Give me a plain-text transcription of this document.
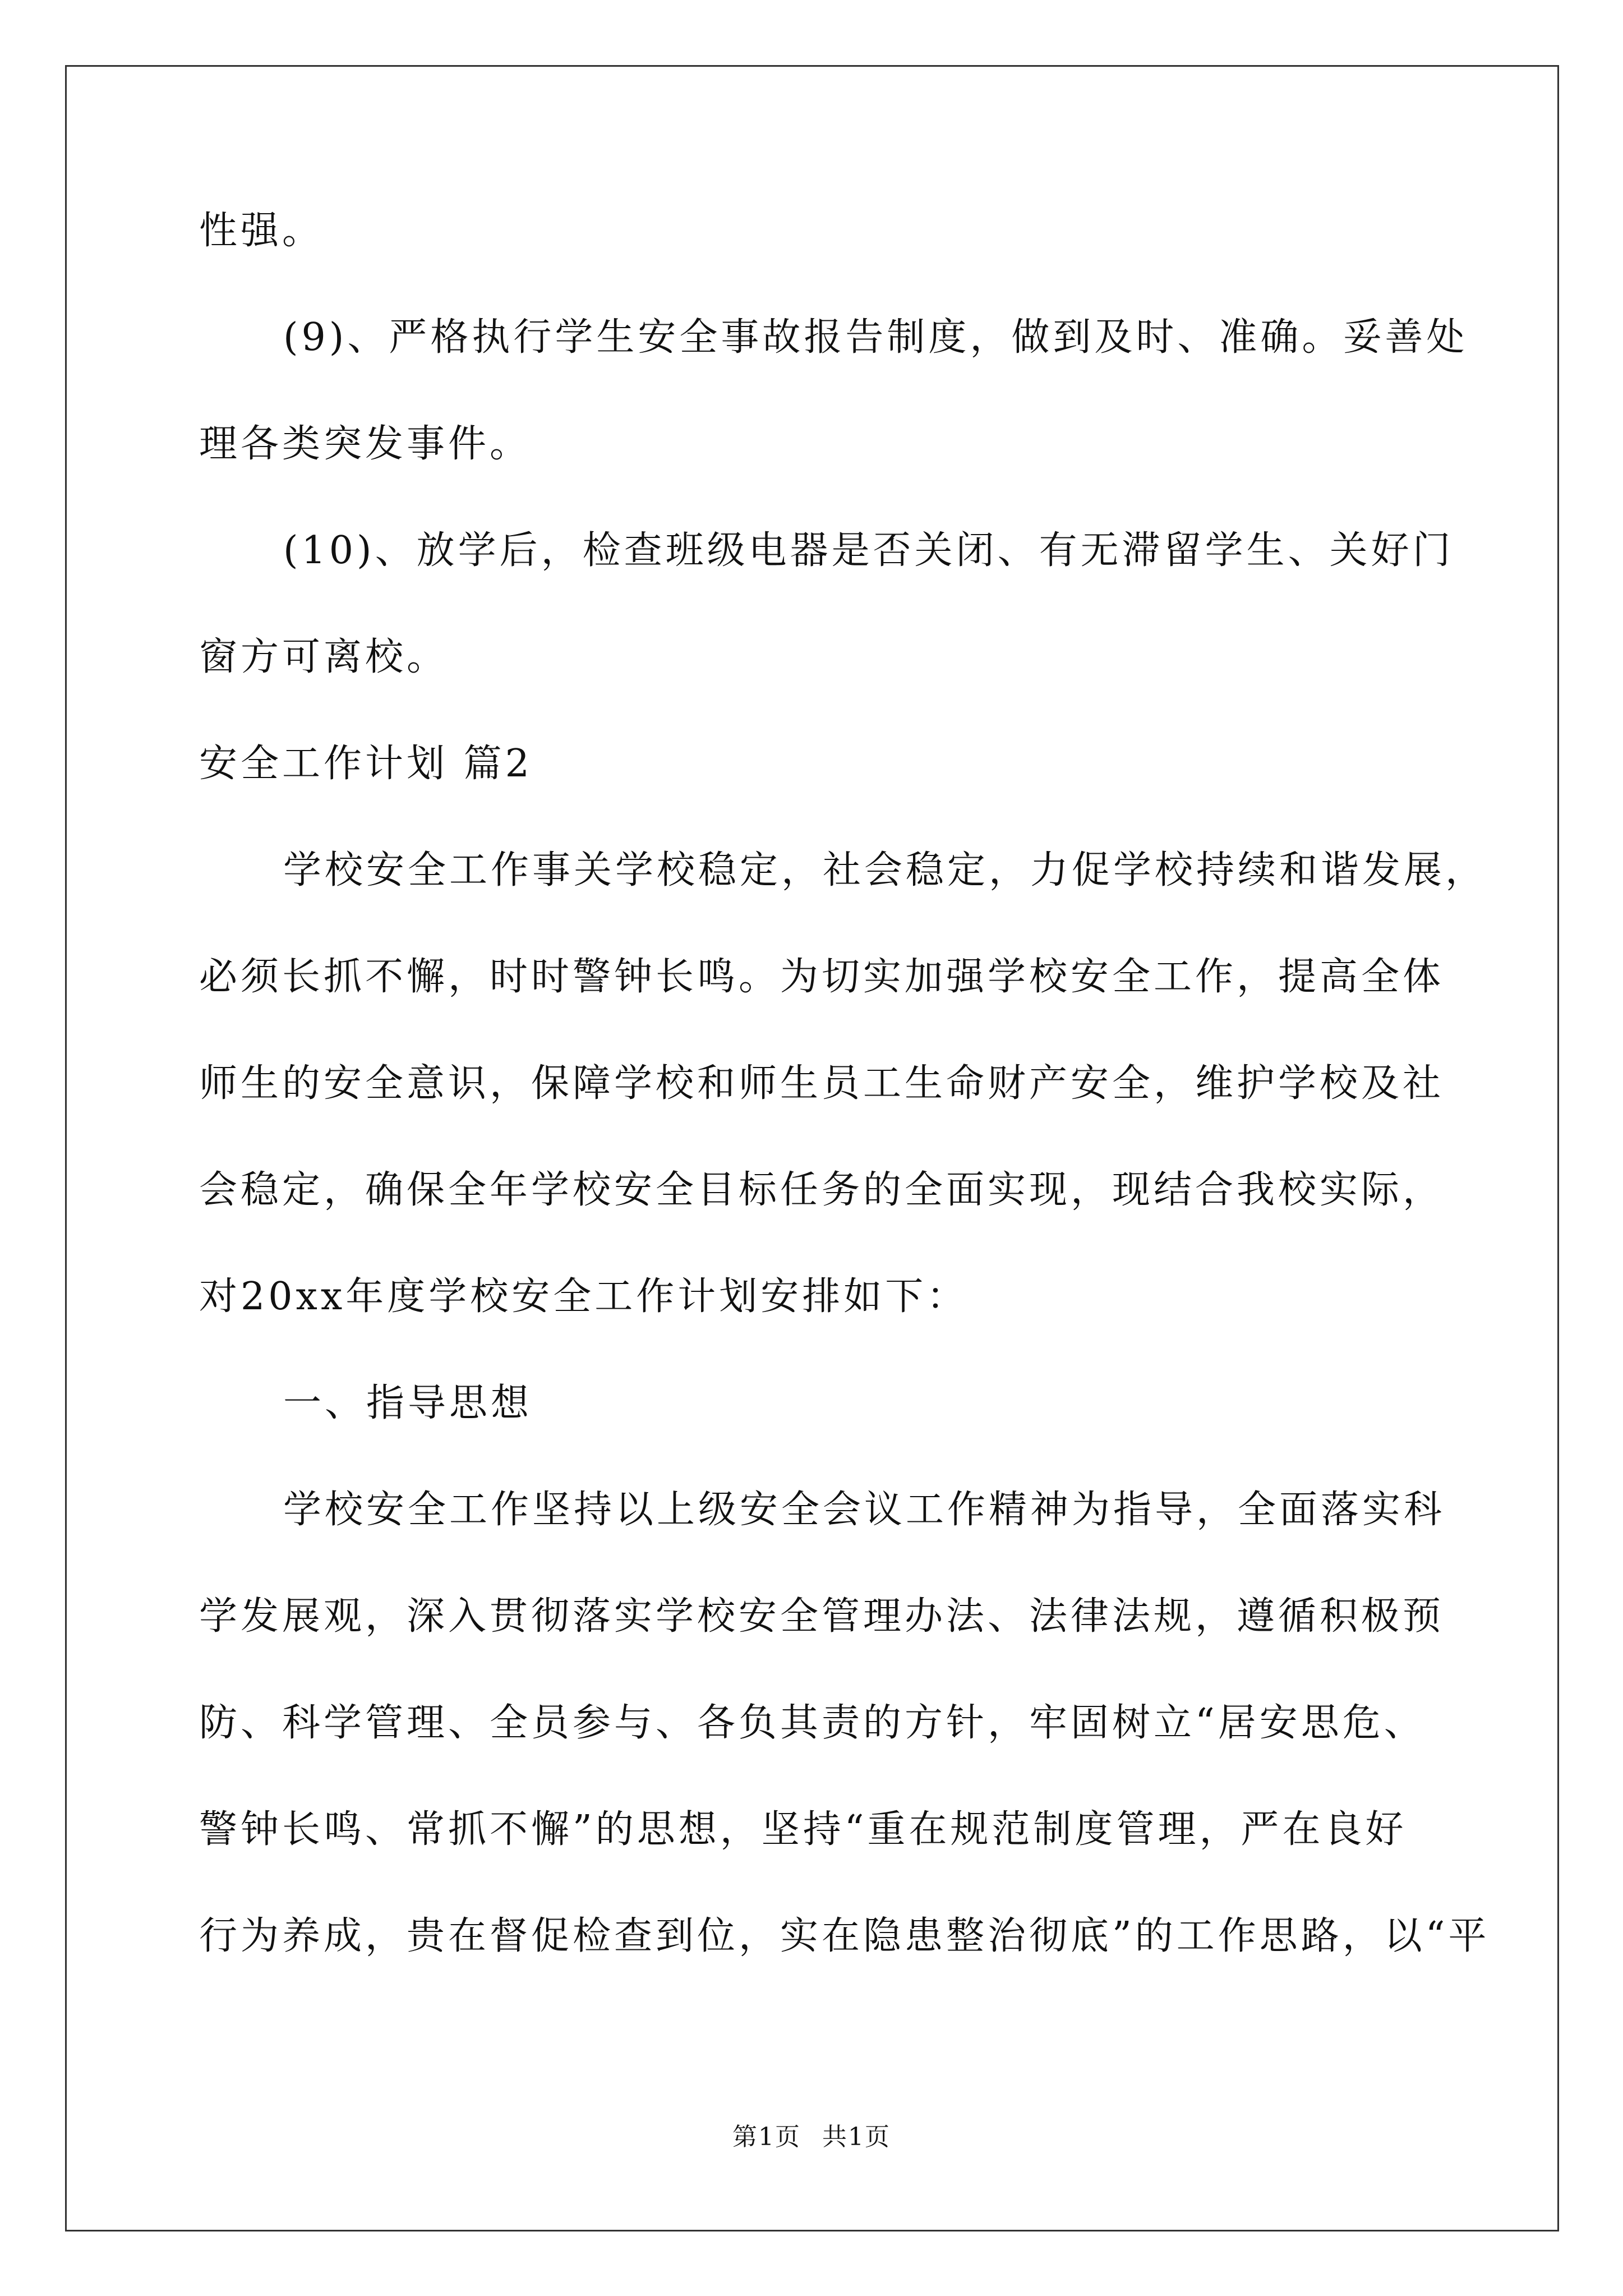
性强。
(9)、严格执行学生安全事故报告制度，做到及时、准确。妥善处
理各类突发事件。
(10)、放学后，检查班级电器是否关闭、有无滞留学生、关好门
窗方可离校。
安全工作计划 篇2
学校安全工作事关学校稳定，社会稳定，力促学校持续和谐发展，
必须长抓不懈，时时警钟长鸣。为切实加强学校安全工作，提高全体
师生的安全意识，保障学校和师生员工生命财产安全，维护学校及社
会稳定，确保全年学校安全目标任务的全面实现，现结合我校实际，
对20xx年度学校安全工作计划安排如下：
一、指导思想
学校安全工作坚持以上级安全会议工作精神为指导，全面落实科
学发展观，深入贯彻落实学校安全管理办法、法律法规，遵循积极预
防、科学管理、全员参与、各负其责的方针，牢固树立“居安思危、
警钟长鸣、常抓不懈”的思想，坚持“重在规范制度管理，严在良好
行为养成，贵在督促检查到位，实在隐患整治彻底”的工作思路，以“平
第1页 共1页
